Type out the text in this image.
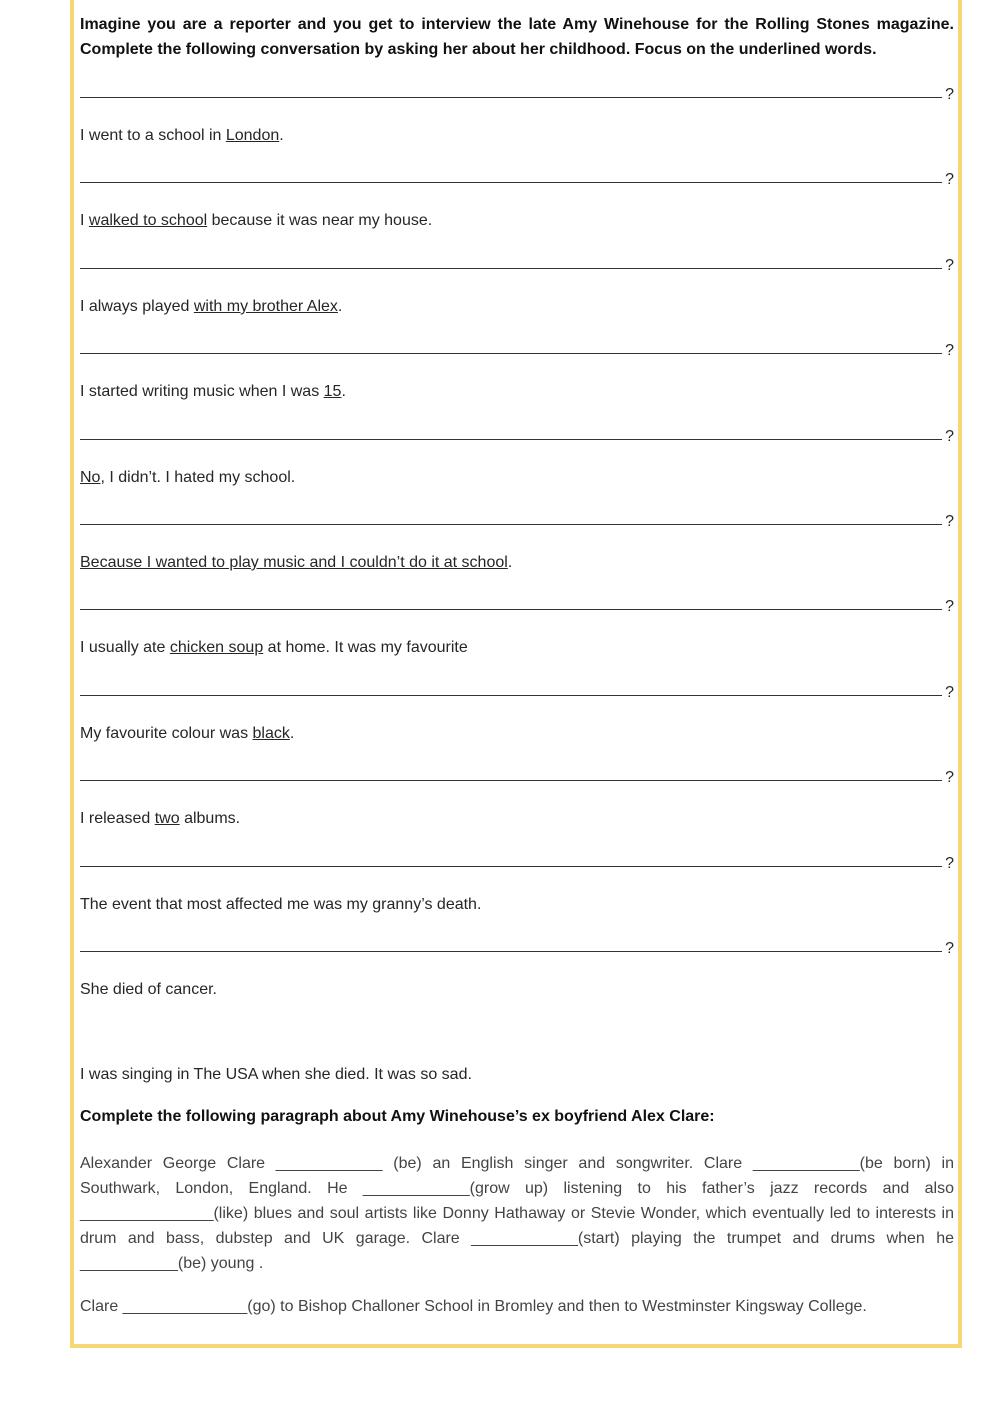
Imagine you are a reporter and you get to interview the late Amy Winehouse for the Rolling Stones magazine. Complete the following conversation by asking her about her childhood. Focus on the underlined words.
?
I went to a school in London.
?
I walked to school because it was near my house.
?
I always played with my brother Alex.
?
I started writing music when I was 15.
?
No, I didn’t. I hated my school.
?
Because I wanted to play music and I couldn’t do it at school.
?
I usually ate chicken soup at home. It was my favourite
?
My favourite colour was black.
?
I released two albums.
?
The event that most affected me was my granny’s death.
?
She died of cancer.
I was singing in The USA when she died. It was so sad.
Complete the following paragraph about Amy Winehouse’s ex boyfriend Alex Clare:
Alexander George Clare ____________ (be) an English singer and songwriter. Clare ____________(be born) in Southwark, London, England. He ____________(grow up) listening to his father’s jazz records and also _______________(like) blues and soul artists like Donny Hathaway or Stevie Wonder, which eventually led to interests in drum and bass, dubstep and UK garage. Clare ____________(start) playing the trumpet and drums when he ___________(be) young .
Clare ______________(go) to Bishop Challoner School in Bromley and then to Westminster Kingsway College.
